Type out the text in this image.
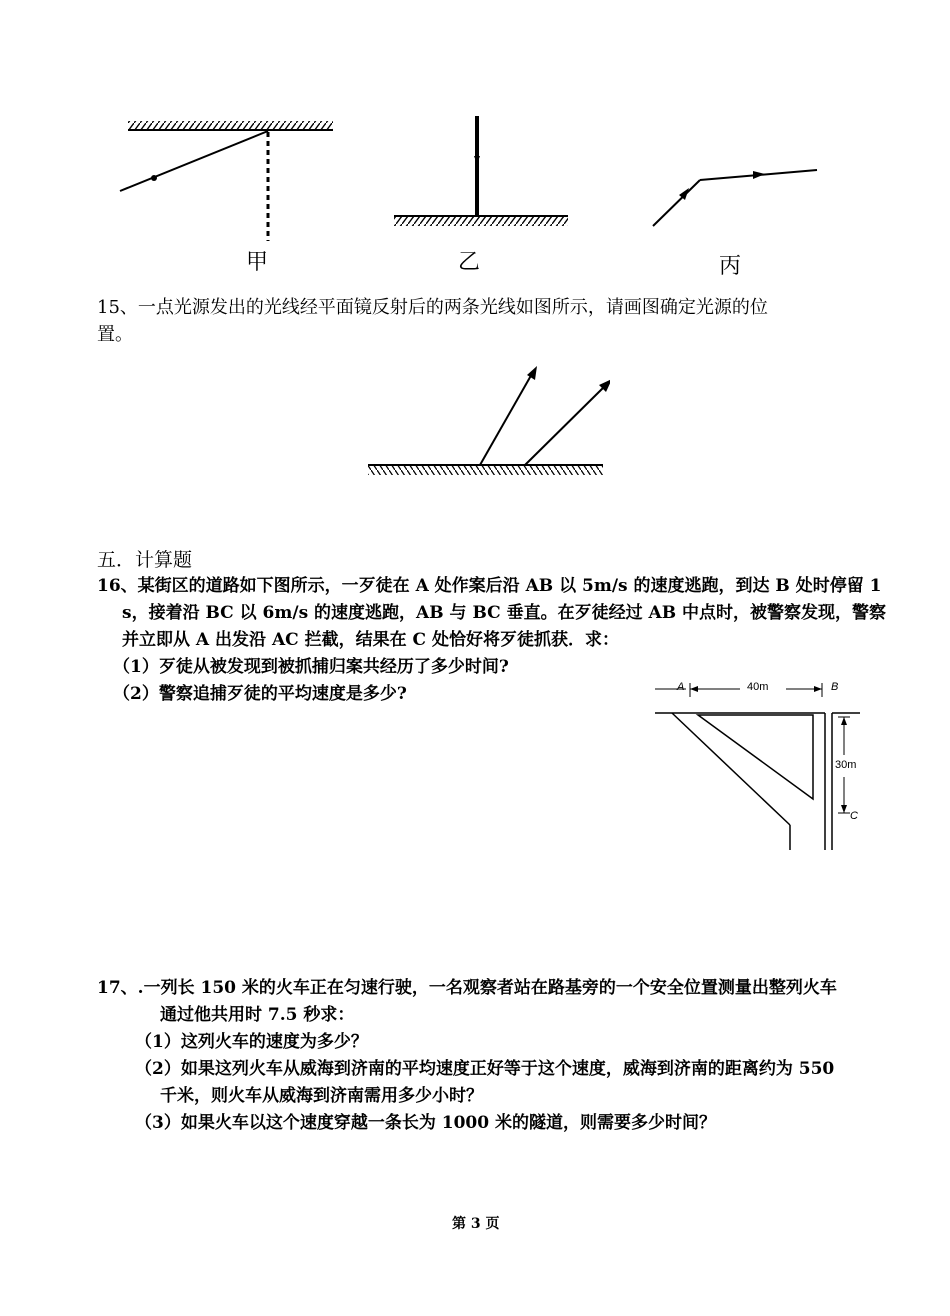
甲	乙	丙
15、一点光源发出的光线经平面镜反射后的两条光线如图所示，请画图确定光源的位
置。
五．计算题
16、某街区的道路如下图所示，一歹徒在 A 处作案后沿 AB 以 5m/s 的速度逃跑，到达 B 处时停留 1
s，接着沿 BC 以 6m/s 的速度逃跑，AB 与 BC 垂直。在歹徒经过 AB 中点时，被警察发现，警察
并立即从 A 出发沿 AC 拦截，结果在 C 处恰好将歹徒抓获．求：
（1）歹徒从被发现到被抓捕归案共经历了多少时间?
（2）警察追捕歹徒的平均速度是多少?	A	B
C
40m
30m
17、.一列长 150 米的火车正在匀速行驶，一名观察者站在路基旁的一个安全位置测量出整列火车
通过他共用时 7.5 秒求：
（1）这列火车的速度为多少？
（2）如果这列火车从威海到济南的平均速度正好等于这个速度，威海到济南的距离约为 550
千米，则火车从威海到济南需用多少小时？
（3）如果火车以这个速度穿越一条长为 1000 米的隧道，则需要多少时间？
第 3 页
